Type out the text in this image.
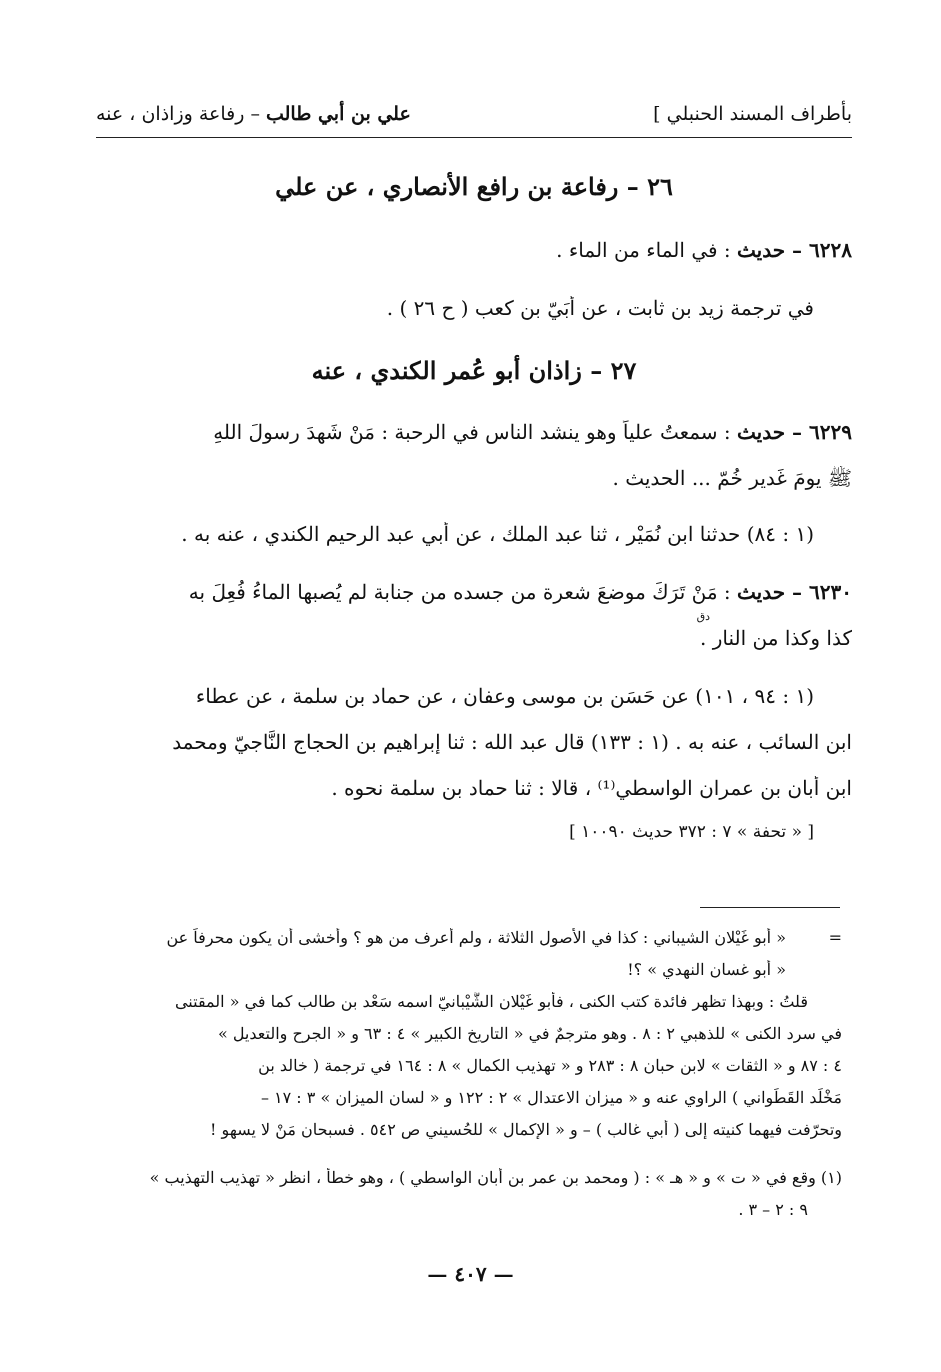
بأطراف المسند الحنبلي ]
علي بن أبي طالب – رفاعة وزاذان ، عنه
٢٦ – رفاعة بن رافع الأنصاري ، عن علي
٦٢٢٨ – حديث : في الماء من الماء .
في ترجمة زيد بن ثابت ، عن أُبَيّ بن كعب ( ح ٢٦ ) .
٢٧ – زاذان أبو عُمر الكندي ، عنه
٦٢٢٩ – حديث : سمعتُ علياً وهو ينشد الناس في الرحبة : مَنْ شَهِدَ رسولَ اللهِ
ﷺ يومَ غَدير خُمّ ... الحديث .
(١ : ٨٤) حدثنا ابن نُمَيْر ، ثنا عبد الملك ، عن أبي عبد الرحيم الكندي ، عنه به .
٦٢٣٠ – حديث : مَنْ تَرَكَ موضعَ شعرة من جسده من جنابة لم يُصبها الماءُ فُعِلَ به
دق
كذا وكذا من النار .
(١ : ٩٤ ، ١٠١) عن حَسَن بن موسى وعفان ، عن حماد بن سلمة ، عن عطاء
ابن السائب ، عنه به . (١ : ١٣٣) قال عبد الله : ثنا إبراهيم بن الحجاج النَّاجيّ ومحمد
ابن أبان بن عمران الواسطي⁽¹⁾ ، قالا : ثنا حماد بن سلمة نحوه .
[ « تحفة » ٧ : ٣٧٢ حديث ١٠٠٩٠ ]
=
« أبو غَيْلان الشيباني : كذا في الأصول الثلاثة ، ولم أعرف من هو ؟ وأخشى أن يكون محرفاً عن
« أبو غسان النهدي » ؟!
قلتُ : وبهذا تظهر فائدة كتب الكنى ، فأبو غَيْلان الشَّيْبانيّ اسمه سَعْد بن طالب كما في « المقتنى
في سرد الكنى » للذهبي ٢ : ٨ . وهو مترجمٌ في « التاريخ الكبير » ٤ : ٦٣ و « الجرح والتعديل »
٤ : ٨٧ و « الثقات » لابن حبان ٨ : ٢٨٣ و « تهذيب الكمال » ٨ : ١٦٤ في ترجمة ( خالد بن
مَخْلَد القَطَواني ) الراوي عنه و « ميزان الاعتدال » ٢ : ١٢٢ و « لسان الميزان » ٣ : ١٧ –
وتحرّفت فيهما كنيته إلى ( أبي غالب ) – و « الإكمال » للحُسيني ص ٥٤٢ . فسبحان مَنْ لا يسهو !
(١) وقع في « ت » و « هـ » : ( ومحمد بن عمر بن أبان الواسطي ) ، وهو خطأ ، انظر « تهذيب التهذيب »
٩ : ٢ – ٣ .
— ٤٠٧ —
